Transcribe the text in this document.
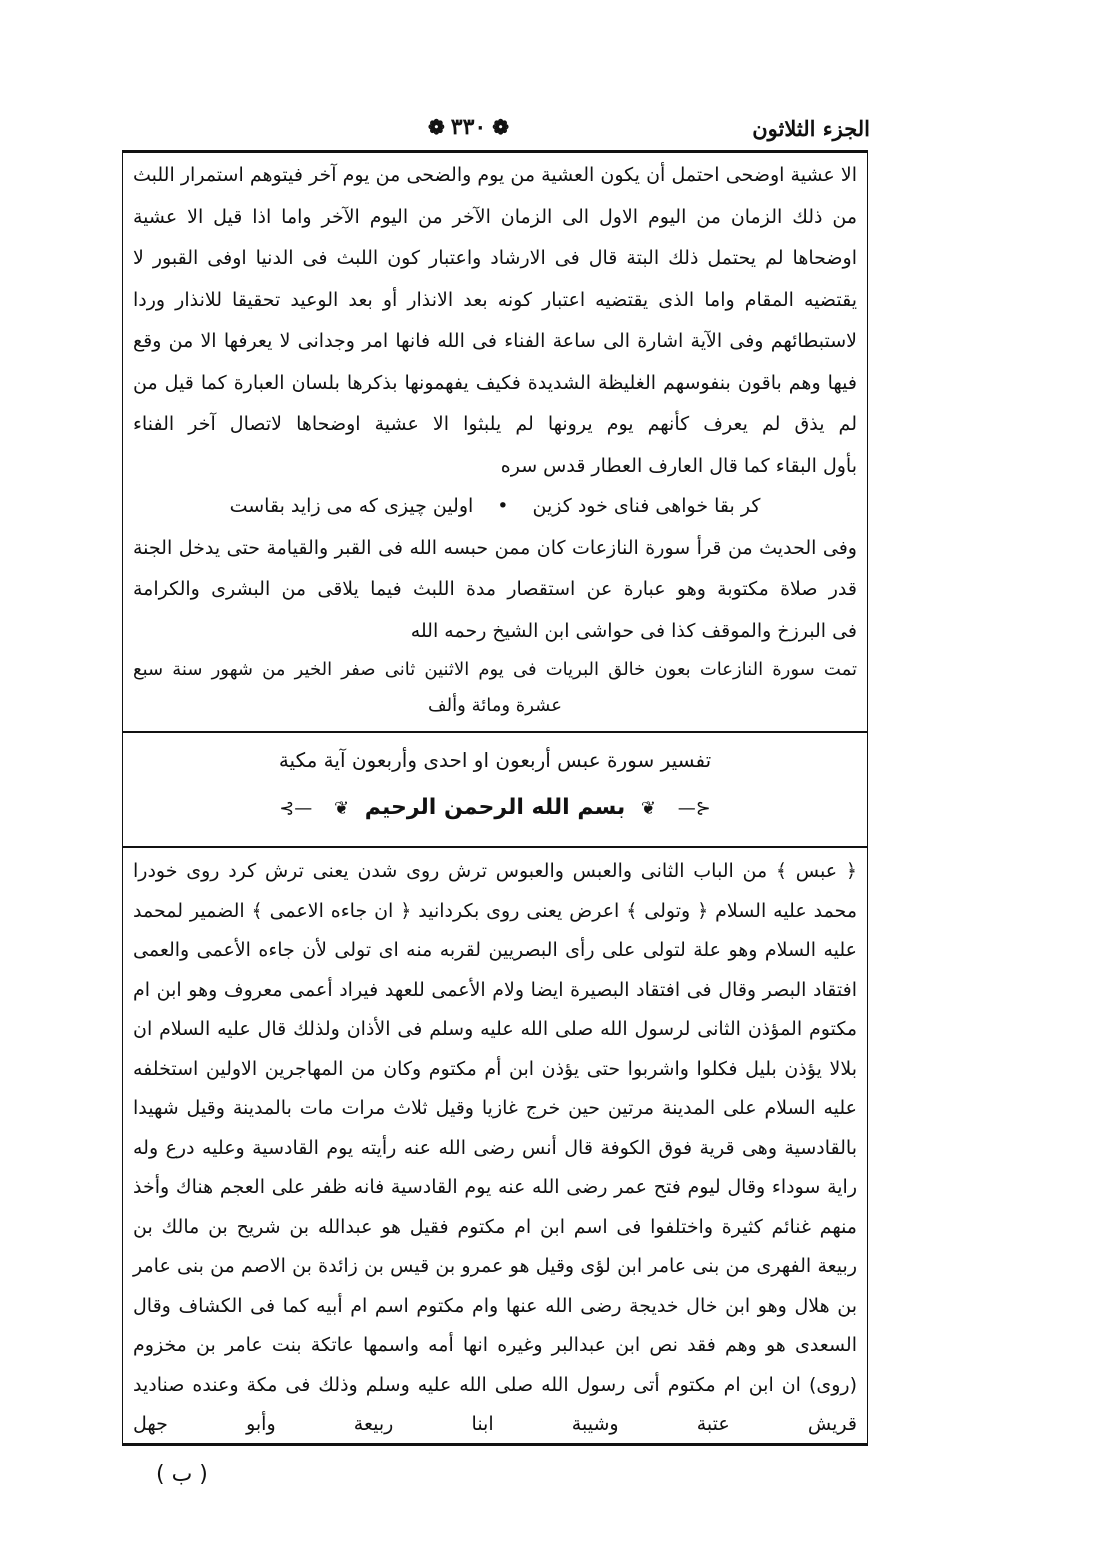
الجزء الثلاثون
❁ ٣٣٠ ❁

الا عشية اوضحى احتمل أن يكون العشية من يوم والضحى من يوم آخر فيتوهم استمرار اللبث من ذلك الزمان من اليوم الاول الى الزمان الآخر من اليوم الآخر واما اذا قيل الا عشية اوضحاها لم يحتمل ذلك البتة قال فى الارشاد واعتبار كون اللبث فى الدنيا اوفى القبور لا يقتضيه المقام واما الذى يقتضيه اعتبار كونه بعد الانذار أو بعد الوعيد تحقيقا للانذار وردا لاستبطائهم وفى الآية اشارة الى ساعة الفناء فى الله فانها امر وجدانى لا يعرفها الا من وقع فيها وهم باقون بنفوسهم الغليظة الشديدة فكيف يفهمونها بذكرها بلسان العبارة كما قيل من لم يذق لم يعرف كأنهم يوم يرونها لم يلبثوا الا عشية اوضحاها لاتصال آخر الفناء

بأول البقاء كما قال العارف العطار قدس سره

كر بقا خواهى فناى خود كزين•اولين چيزى كه مى زايد بقاست

وفى الحديث من قرأ سورة النازعات كان ممن حبسه الله فى القبر والقيامة حتى يدخل الجنة قدر صلاة مكتوبة وهو عبارة عن استقصار مدة اللبث فيما يلاقى من البشرى والكرامة

فى البرزخ والموقف كذا فى حواشى ابن الشيخ رحمه الله

تمت سورة النازعات بعون خالق البريات فى يوم الاثنين ثانى صفر الخير من شهور سنة سبع

عشرة ومائة وألف

تفسير سورة عبس أربعون او احدى وأربعون آية مكية
⊰— ❦ بسم الله الرحمن الرحيم ❦ —⊱

﴿ عبس ﴾ من الباب الثانى والعبس والعبوس ترش روى شدن يعنى ترش كرد روى خودرا محمد عليه السلام ﴿ وتولى ﴾ اعرض يعنى روى بكردانيد ﴿ ان جاءه الاعمى ﴾ الضمير لمحمد عليه السلام وهو علة لتولى على رأى البصريين لقربه منه اى تولى لأن جاءه الأعمى والعمى افتقاد البصر وقال فى افتقاد البصيرة ايضا ولام الأعمى للعهد فيراد أعمى معروف وهو ابن ام مكتوم المؤذن الثانى لرسول الله صلى الله عليه وسلم فى الأذان ولذلك قال عليه السلام ان بلالا يؤذن بليل فكلوا واشربوا حتى يؤذن ابن أم مكتوم وكان من المهاجرين الاولين استخلفه عليه السلام على المدينة مرتين حين خرج غازيا وقيل ثلاث مرات مات بالمدينة وقيل شهيدا بالقادسية وهى قرية فوق الكوفة قال أنس رضى الله عنه رأيته يوم القادسية وعليه درع وله راية سوداء وقال ليوم فتح عمر رضى الله عنه يوم القادسية فانه ظفر على العجم هناك وأخذ منهم غنائم كثيرة واختلفوا فى اسم ابن ام مكتوم فقيل هو عبدالله بن شريح بن مالك بن ربيعة الفهرى من بنى عامر ابن لؤى وقيل هو عمرو بن قيس بن زائدة بن الاصم من بنى عامر بن هلال وهو ابن خال خديجة رضى الله عنها وام مكتوم اسم ام أبيه كما فى الكشاف وقال السعدى هو وهم فقد نص ابن عبدالبر وغيره انها أمه واسمها عاتكة بنت عامر بن مخزوم (روى) ان ابن ام مكتوم أتى رسول الله صلى الله عليه وسلم وذلك فى مكة وعنده صناديد قريش عتبة وشيبة ابنا ربيعة وأبو جهل

( ب )
